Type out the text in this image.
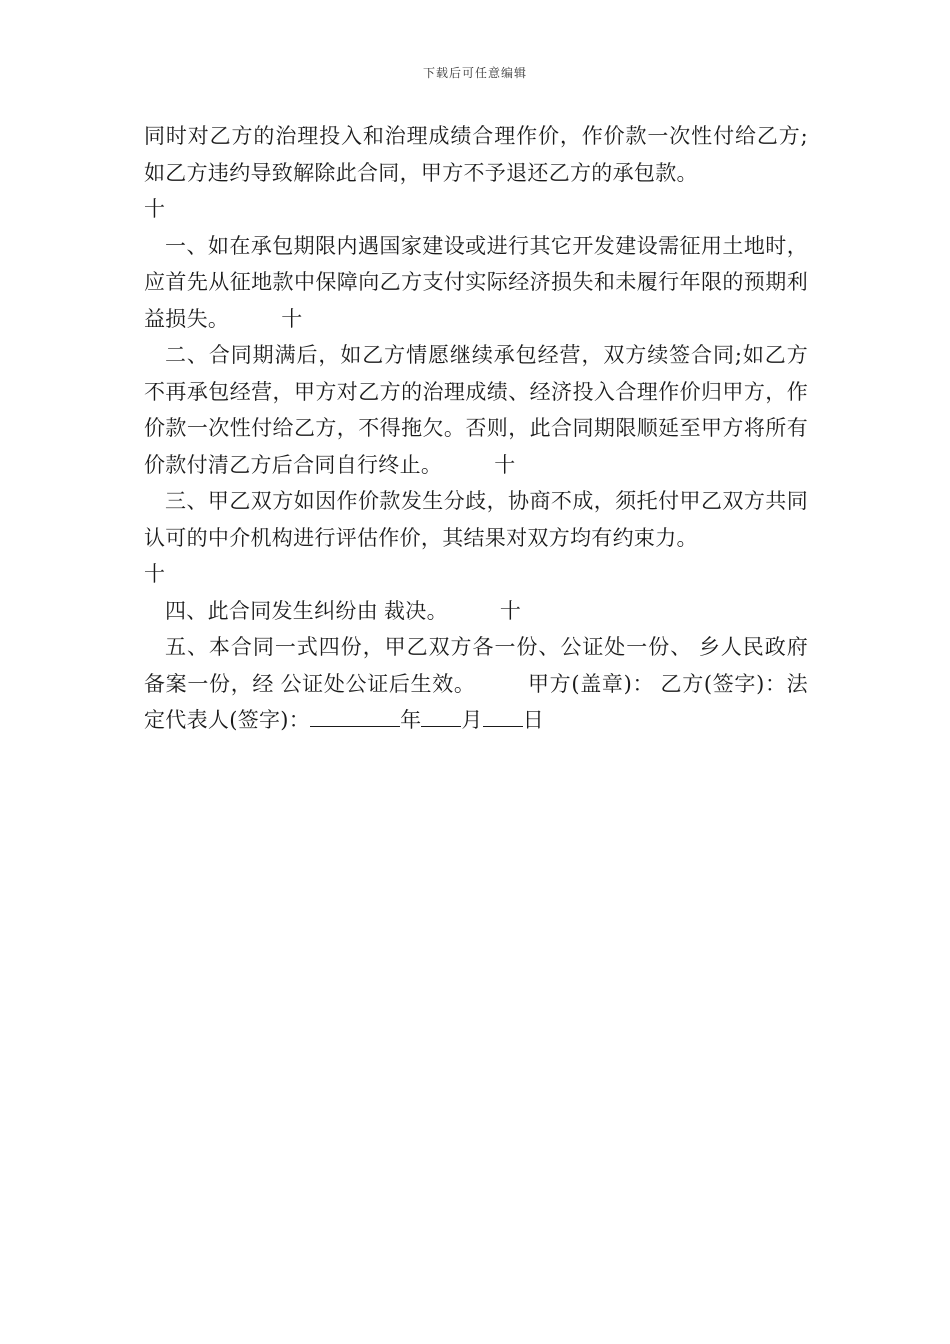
下载后可任意编辑

同时对乙方的治理投入和治理成绩合理作价，作价款一次性付给乙方;如乙方违约导致解除此合同，甲方不予退还乙方的承包款。
十

一、如在承包期限内遇国家建设或进行其它开发建设需征用土地时，应首先从征地款中保障向乙方支付实际经济损失和未履行年限的预期利益损失。 十

二、合同期满后，如乙方情愿继续承包经营，双方续签合同;如乙方不再承包经营，甲方对乙方的治理成绩、经济投入合理作价归甲方，作价款一次性付给乙方，不得拖欠。否则，此合同期限顺延至甲方将所有价款付清乙方后合同自行终止。 十

三、甲乙双方如因作价款发生分歧，协商不成，须托付甲乙双方共同认可的中介机构进行评估作价，其结果对双方均有约束力。
十

四、此合同发生纠纷由 裁决。 十

五、本合同一式四份，甲乙双方各一份、公证处一份、 乡人民政府备案一份，经 公证处公证后生效。 甲方(盖章)： 乙方(签字)：法定代表人(签字)：	年 月 日
